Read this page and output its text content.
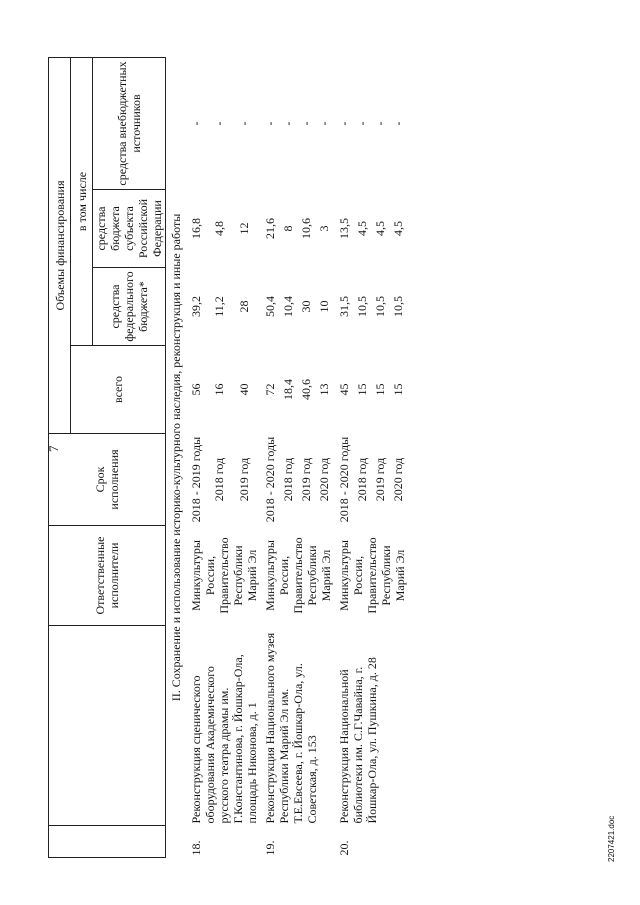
7
2207421.doc
		Ответственные исполнители	Срок исполнения	Объемы финансирования			
				всего	в том числе		
					средства федерального бюджета*	средства бюджета субъекта Российской Федерации	средства внебюджетных источников
II. Сохранение и использование историко-культурного наследия, реконструкция и иные работы							
18.	Реконструкция сценического оборудования Академического русского театра драмы им. Г.Константинова, г. Йошкар-Ола, площадь Никонова, д. 1	Минкультуры России, Правительство Республики Марий Эл	2018 - 2019 годы	56	39,2	16,8	-
			2018 год	16	11,2	4,8	-
			2019 год	40	28	12	-

19.	Реконструкция Национального музея Республики Марий Эл им. Т.Е.Евсеева, г. Йошкар-Ола, ул. Советская, д. 153	Минкультуры России, Правительство Республики Марий Эл	2018 - 2020 годы	72	50,4	21,6	-
			2018 год	18,4	10,4	8	-
			2019 год	40,6	30	10,6	-
			2020 год	13	10	3	-

20.	Реконструкция Национальной библиотеки им. С.Г.Чавайна, г. Йошкар-Ола, ул. Пушкина, д. 28	Минкультуры России, Правительство Республики Марий Эл	2018 - 2020 годы	45	31,5	13,5	-
			2018 год	15	10,5	4,5	-
			2019 год	15	10,5	4,5	-
			2020 год	15	10,5	4,5	-
